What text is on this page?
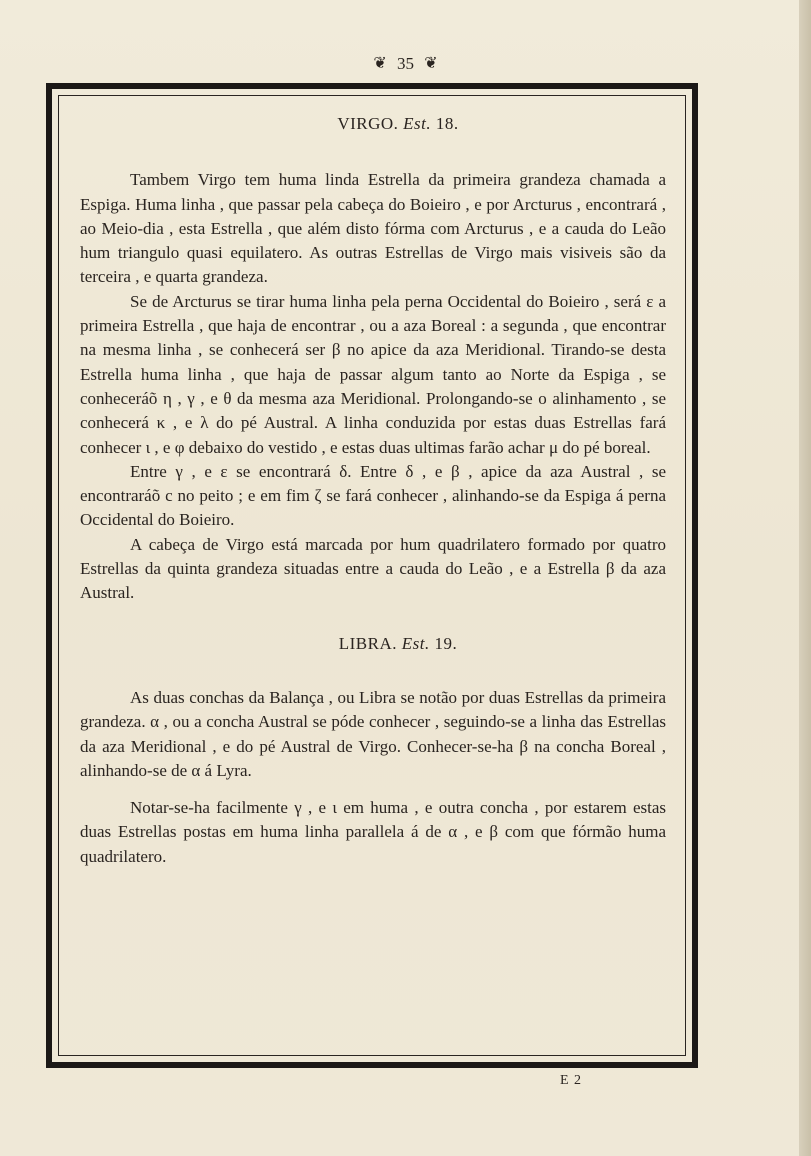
❦ 35 ❦

VIRGO. Est. 18.

Tambem Virgo tem huma linda Estrella da primeira grandeza chamada a Espiga. Huma linha , que passar pela cabeça do Boieiro , e por Arcturus , encontrará , ao Meio-dia , esta Estrella , que além disto fórma com Arcturus , e a cauda do Leão hum triangulo quasi equilatero. As outras Estrellas de Virgo mais visiveis são da terceira , e quarta grandeza.

Se de Arcturus se tirar huma linha pela perna Occidental do Boieiro , será ε a primeira Estrella , que haja de encontrar , ou a aza Boreal : a segunda , que encontrar na mesma linha , se conhecerá ser β no apice da aza Meridional. Tirando-se desta Estrella huma linha , que haja de passar algum tanto ao Norte da Espiga , se conheceráõ η , γ , e θ da mesma aza Meridional. Prolongando-se o alinhamento , se conhecerá κ , e λ do pé Austral. A linha conduzida por estas duas Estrellas fará conhecer ι , e φ debaixo do vestido , e estas duas ultimas farão achar μ do pé boreal.

Entre γ , e ε se encontrará δ. Entre δ , e β , apice da aza Austral , se encontraráõ c no peito ; e em fim ζ se fará conhecer , alinhando-se da Espiga á perna Occidental do Boieiro.

A cabeça de Virgo está marcada por hum quadrilatero formado por quatro Estrellas da quinta grandeza situadas entre a cauda do Leão , e a Estrella β da aza Austral.

LIBRA. Est. 19.

As duas conchas da Balança , ou Libra se notão por duas Estrellas da primeira grandeza. α , ou a concha Austral se póde conhecer , seguindo-se a linha das Estrellas da aza Meridional , e do pé Austral de Virgo. Conhecer-se-ha β na concha Boreal , alinhando-se de α á Lyra.

Notar-se-ha facilmente γ , e ι em huma , e outra concha , por estarem estas duas Estrellas postas em huma linha parallela á de α , e β com que fórmão huma quadrilatero.

E 2
